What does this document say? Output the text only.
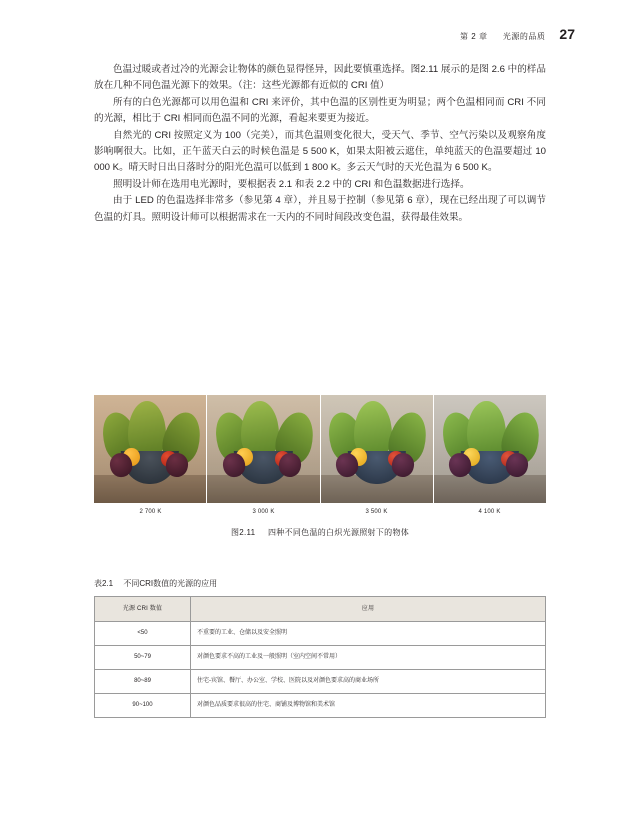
第 2 章 光源的品质 27

色温过暖或者过冷的光源会让物体的颜色显得怪异，因此要慎重选择。图2.11 展示的是图 2.6 中的样品放在几种不同色温光源下的效果。（注：这些光源都有近似的 CRI 值）

所有的白色光源都可以用色温和 CRI 来评价，其中色温的区别性更为明显；两个色温相同而 CRI 不同的光源，相比于 CRI 相同而色温不同的光源，看起来要更为接近。

自然光的 CRI 按照定义为 100（完美），而其色温则变化很大，受天气、季节、空气污染以及观察角度影响啊很大。比如，正午蓝天白云的时候色温是 5 500 K，如果太阳被云遮住，单纯蓝天的色温要超过 10 000 K。晴天时日出日落时分的阳光色温可以低到 1 800 K。多云天气时的天光色温为 6 500 K。

照明设计师在选用电光源时，要根据表 2.1 和表 2.2 中的 CRI 和色温数据进行选择。

由于 LED 的色温选择非常多（参见第 4 章），并且易于控制（参见第 6 章），现在已经出现了可以调节色温的灯具。照明设计师可以根据需求在一天内的不同时间段改变色温，获得最佳效果。

2 700 K	3 000 K	3 500 K	4 100 K
图2.11 四种不同色温的白炽光源照射下的物体
表2.1 不同CRI数值的光源的应用
光源 CRI 数值	应用
<50	不重要的工业、仓储以及安全照明
50~79	对颜色要求不高的工业及一般照明（室内空间不常用）
80~89	住宅-宾馆、餐厅、办公室、学校、医院以及对颜色要求高的商业场所
90~100	对颜色品质要求很高的住宅、商铺及博物馆和美术馆
